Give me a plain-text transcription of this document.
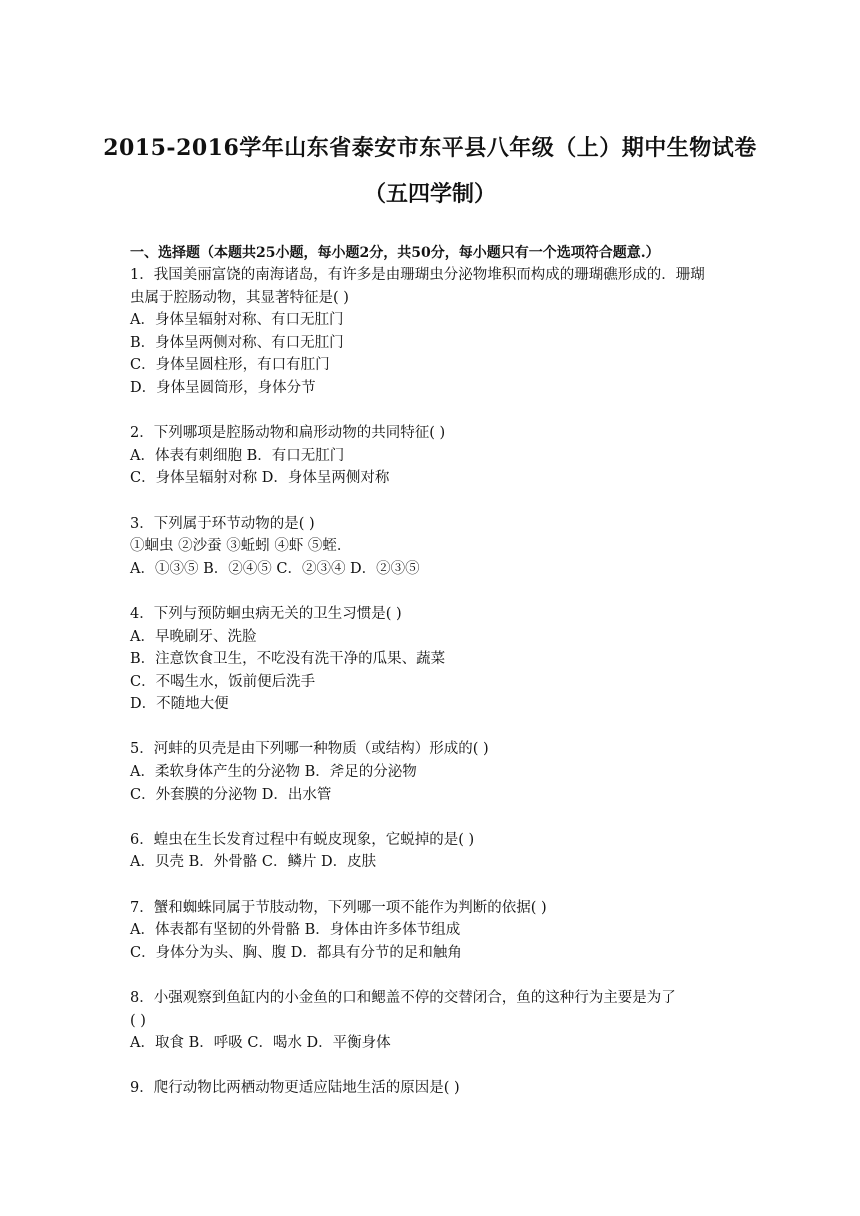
2015-2016学年山东省泰安市东平县八年级（上）期中生物试卷
（五四学制）
一、选择题（本题共25小题，每小题2分，共50分，每小题只有一个选项符合题意.）
1．我国美丽富饶的南海诸岛，有许多是由珊瑚虫分泌物堆积而构成的珊瑚礁形成的．珊瑚
虫属于腔肠动物，其显著特征是( )
A．身体呈辐射对称、有口无肛门
B．身体呈两侧对称、有口无肛门
C．身体呈圆柱形，有口有肛门
D．身体呈圆筒形，身体分节
2．下列哪项是腔肠动物和扁形动物的共同特征( )
A．体表有刺细胞 B．有口无肛门
C．身体呈辐射对称 D．身体呈两侧对称
3．下列属于环节动物的是( )
①蛔虫 ②沙蚕 ③蚯蚓 ④虾 ⑤蛭．
A．①③⑤ B．②④⑤ C．②③④ D．②③⑤
4．下列与预防蛔虫病无关的卫生习惯是( )
A．早晚刷牙、洗脸
B．注意饮食卫生，不吃没有洗干净的瓜果、蔬菜
C．不喝生水，饭前便后洗手
D．不随地大便
5．河蚌的贝壳是由下列哪一种物质（或结构）形成的( )
A．柔软身体产生的分泌物 B．斧足的分泌物
C．外套膜的分泌物 D．出水管
6．蝗虫在生长发育过程中有蜕皮现象，它蜕掉的是( )
A．贝壳 B．外骨骼 C．鳞片 D．皮肤
7．蟹和蜘蛛同属于节肢动物，下列哪一项不能作为判断的依据( )
A．体表都有坚韧的外骨骼 B．身体由许多体节组成
C．身体分为头、胸、腹 D．都具有分节的足和触角
8．小强观察到鱼缸内的小金鱼的口和鳃盖不停的交替闭合，鱼的这种行为主要是为了
( )
A．取食 B．呼吸 C．喝水 D．平衡身体
9．爬行动物比两栖动物更适应陆地生活的原因是( )
